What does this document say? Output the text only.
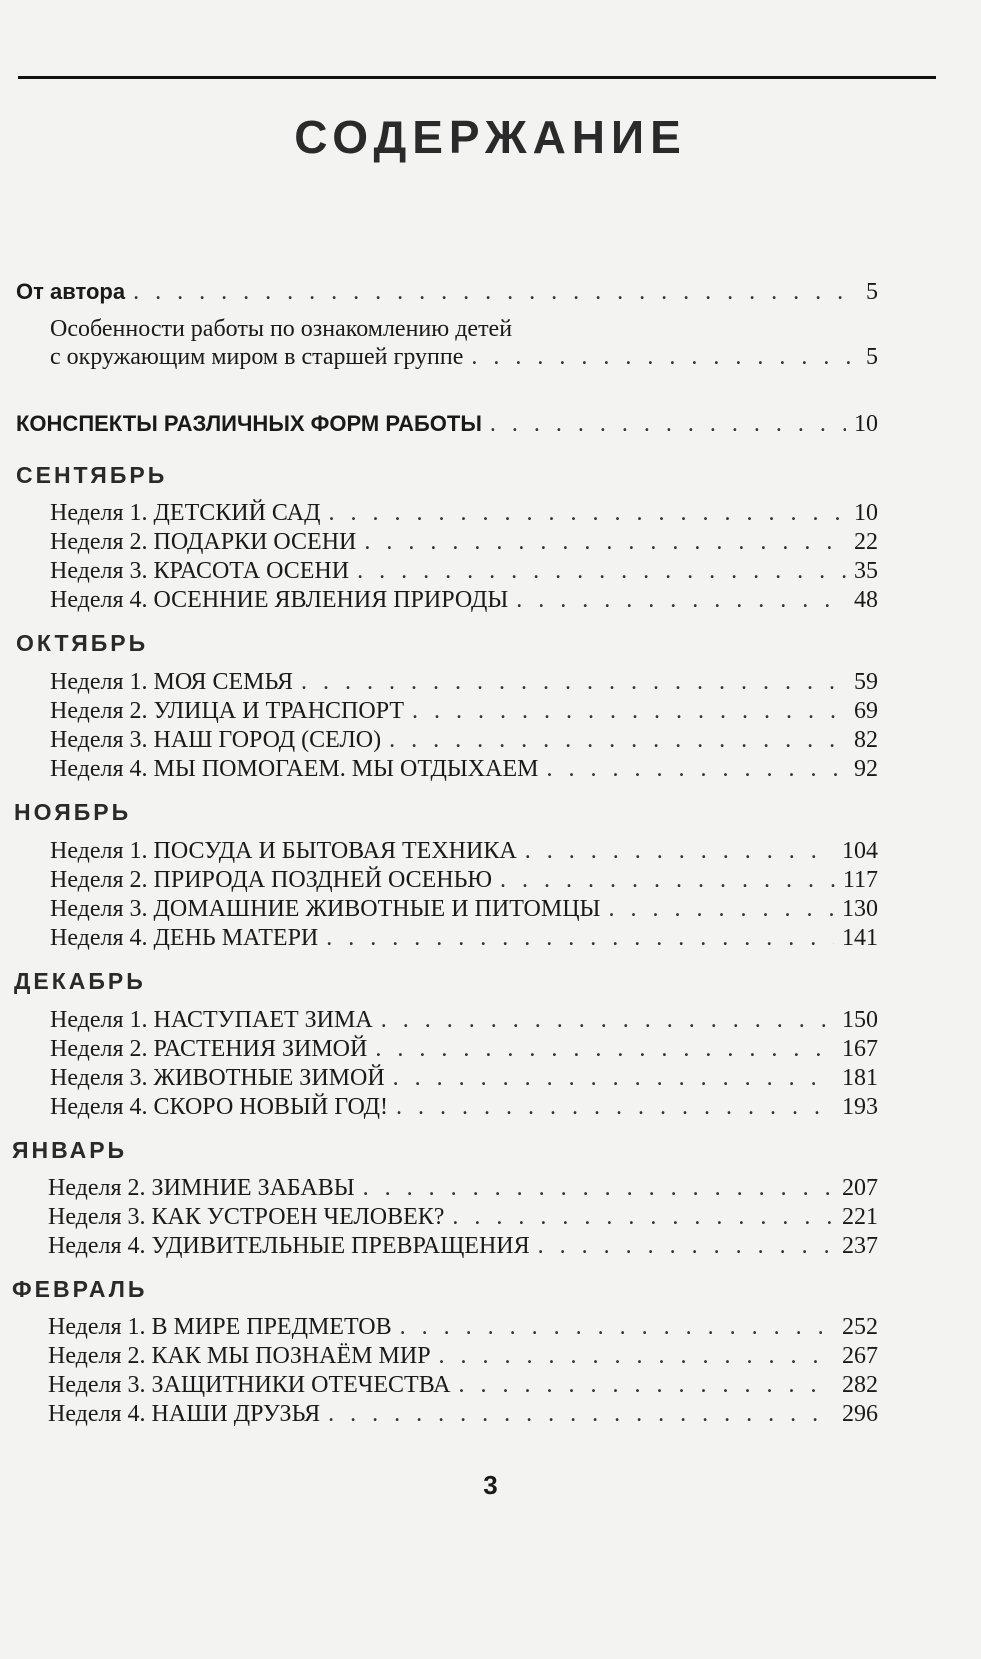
СОДЕРЖАНИЕ
От автора . . .	5
Особенности работы по ознакомлению детей
с окружающим миром в старшей группе . . .	5
КОНСПЕКТЫ РАЗЛИЧНЫХ ФОРМ РАБОТЫ . . .	10
СЕНТЯБРЬ
Неделя 1. ДЕТСКИЙ САД . . .	10
Неделя 2. ПОДАРКИ ОСЕНИ . . .	22
Неделя 3. КРАСОТА ОСЕНИ . . .	35
Неделя 4. ОСЕННИЕ ЯВЛЕНИЯ ПРИРОДЫ . . .	48
ОКТЯБРЬ
Неделя 1. МОЯ СЕМЬЯ . . .	59
Неделя 2. УЛИЦА И ТРАНСПОРТ . . .	69
Неделя 3. НАШ ГОРОД (СЕЛО) . . .	82
Неделя 4. МЫ ПОМОГАЕМ. МЫ ОТДЫХАЕМ . . .	92
НОЯБРЬ
Неделя 1. ПОСУДА И БЫТОВАЯ ТЕХНИКА . . .	104
Неделя 2. ПРИРОДА ПОЗДНЕЙ ОСЕНЬЮ . . .	117
Неделя 3. ДОМАШНИЕ ЖИВОТНЫЕ И ПИТОМЦЫ . . .	130
Неделя 4. ДЕНЬ МАТЕРИ . . .	141
ДЕКАБРЬ
Неделя 1. НАСТУПАЕТ ЗИМА . . .	150
Неделя 2. РАСТЕНИЯ ЗИМОЙ . . .	167
Неделя 3. ЖИВОТНЫЕ ЗИМОЙ . . .	181
Неделя 4. СКОРО НОВЫЙ ГОД! . . .	193
ЯНВАРЬ
Неделя 2. ЗИМНИЕ ЗАБАВЫ . . .	207
Неделя 3. КАК УСТРОЕН ЧЕЛОВЕК? . . .	221
Неделя 4. УДИВИТЕЛЬНЫЕ ПРЕВРАЩЕНИЯ . . .	237
ФЕВРАЛЬ
Неделя 1. В МИРЕ ПРЕДМЕТОВ . . .	252
Неделя 2. КАК МЫ ПОЗНАЁМ МИР . . .	267
Неделя 3. ЗАЩИТНИКИ ОТЕЧЕСТВА . . .	282
Неделя 4. НАШИ ДРУЗЬЯ . . .	296
3
